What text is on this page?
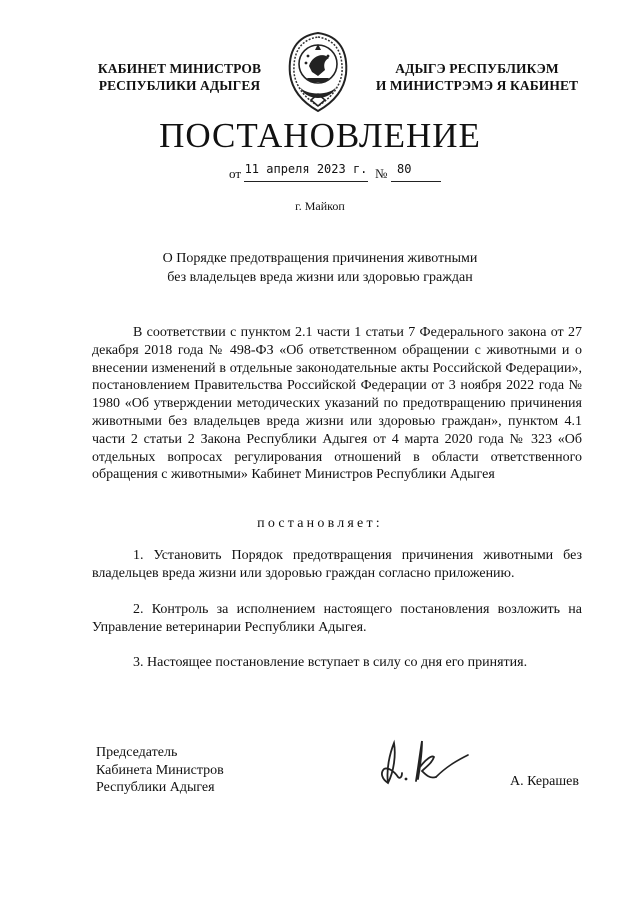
КАБИНЕТ МИНИСТРОВ
РЕСПУБЛИКИ АДЫГЕЯ
АДЫГЭ РЕСПУБЛИКЭМ
И МИНИСТРЭМЭ Я КАБИНЕТ
ПОСТАНОВЛЕНИЕ
от 11 апреля 2023 г. № 80
г. Майкоп
О Порядке предотвращения причинения животными
без владельцев вреда жизни или здоровью граждан
В соответствии с пунктом 2.1 части 1 статьи 7 Федерального закона от 27 декабря 2018 года № 498-ФЗ «Об ответственном обращении с животными и о внесении изменений в отдельные законодательные акты Российской Федерации», постановлением Правительства Российской Федерации от 3 ноября 2022 года № 1980 «Об утверждении методических указаний по предотвращению причинения животными без владельцев вреда жизни или здоровью граждан», пунктом 4.1 части 2 статьи 2 Закона Республики Адыгея от 4 марта 2020 года № 323 «Об отдельных вопросах регулирования отношений в области ответственного обращения с животными» Кабинет Министров Республики Адыгея
постановляет:
1. Установить Порядок предотвращения причинения животными без владельцев вреда жизни или здоровью граждан согласно приложению.
2. Контроль за исполнением настоящего постановления возложить на Управление ветеринарии Республики Адыгея.
3. Настоящее постановление вступает в силу со дня его принятия.
Председатель
Кабинета Министров
Республики Адыгея	А. Керашев
